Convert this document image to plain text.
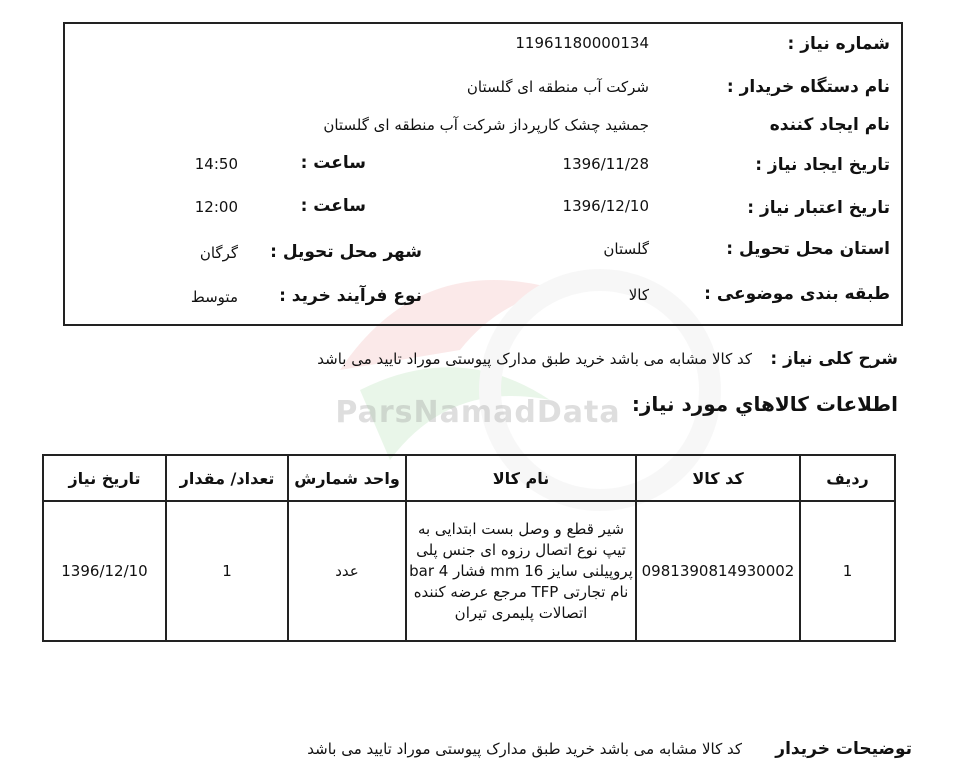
ParsNamadData
شماره نیاز :
1196118000013​4
نام دستگاه خریدار :
شرکت آب منطقه ای گلستان
نام ایجاد کننده
جمشید چشک کارپرداز شرکت آب منطقه ای گلستان
تاریخ ایجاد نیاز :
1396/11/28
ساعت :
14:50
تاریخ اعتبار نیاز :
1396/12/10
ساعت :
12:00
استان محل تحویل :
گلستان
شهر محل تحویل :
گرگان
طبقه بندی موضوعی :
کالا
نوع فرآیند خرید :
متوسط
شرح کلی نیاز :
کد کالا مشابه می باشد خرید طبق مدارک پیوستی موراد تایید می باشد
اطلاعات کالاهاي مورد نیاز:
ردیف	کد کالا	نام کالا	واحد شمارش	تعداد/ مقدار	تاریخ نیاز
1	0981390814930002	شیر قطع و وصل بست ابتدایی به تیپ نوع اتصال رزوه ای جنس پلی پروپیلنی سایز 16 mm فشار 4 bar نام تجارتی TFP مرجع عرضه کننده اتصالات پلیمری تیران	عدد	1	1396/12/10
توضیحات خریدار
کد کالا مشابه می باشد خرید طبق مدارک پیوستی موراد تایید می باشد
